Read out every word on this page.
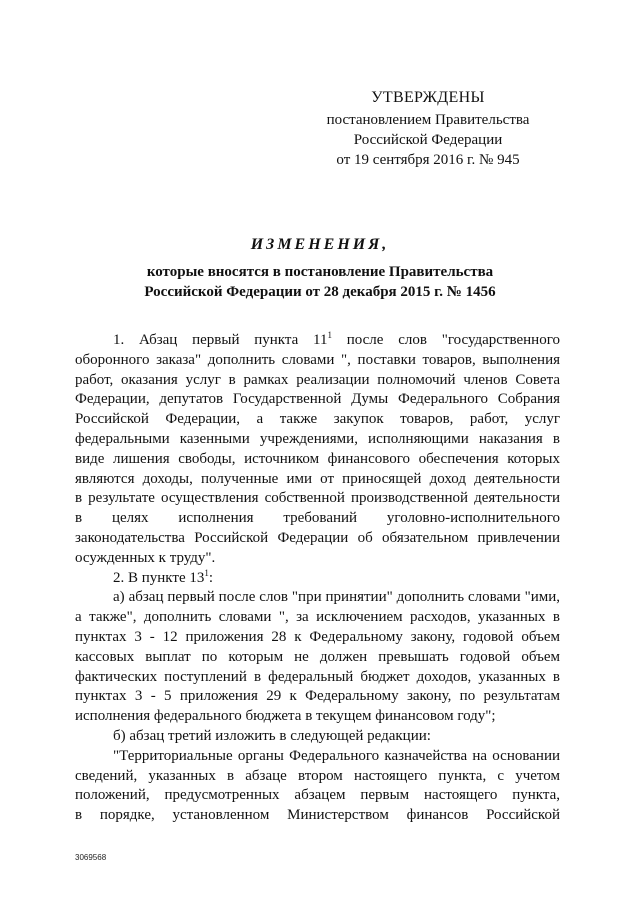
УТВЕРЖДЕНЫ
постановлением Правительства
Российской Федерации
от 19 сентября 2016 г. № 945
ИЗМЕНЕНИЯ,
которые вносятся в постановление Правительства
Российской Федерации от 28 декабря 2015 г. № 1456
1. Абзац первый пункта $11^1$ после слов "государственного
оборонного заказа" дополнить словами ", поставки товаров, выполнения
работ, оказания услуг в рамках реализации полномочий членов Совета
Федерации, депутатов Государственной Думы Федерального Собрания
Российской Федерации, а также закупок товаров, работ, услуг
федеральными казенными учреждениями, исполняющими наказания в
виде лишения свободы, источником финансового обеспечения которых
являются доходы, полученные ими от приносящей доход деятельности
в результате осуществления собственной производственной деятельности
в целях исполнения требований уголовно-исполнительного
законодательства Российской Федерации об обязательном привлечении
осужденных к труду".
2. В пункте $13^1$:
а) абзац первый после слов "при принятии" дополнить словами "ими,
а также", дополнить словами ", за исключением расходов, указанных в
пунктах 3 - 12 приложения 28 к Федеральному закону, годовой объем
кассовых выплат по которым не должен превышать годовой объем
фактических поступлений в федеральный бюджет доходов, указанных в
пунктах 3 - 5 приложения 29 к Федеральному закону, по результатам
исполнения федерального бюджета в текущем финансовом году";
б) абзац третий изложить в следующей редакции:
"Территориальные органы Федерального казначейства на основании
сведений, указанных в абзаце втором настоящего пункта, с учетом
положений, предусмотренных абзацем первым настоящего пункта,
в порядке, установленном Министерством финансов Российской
3069568
